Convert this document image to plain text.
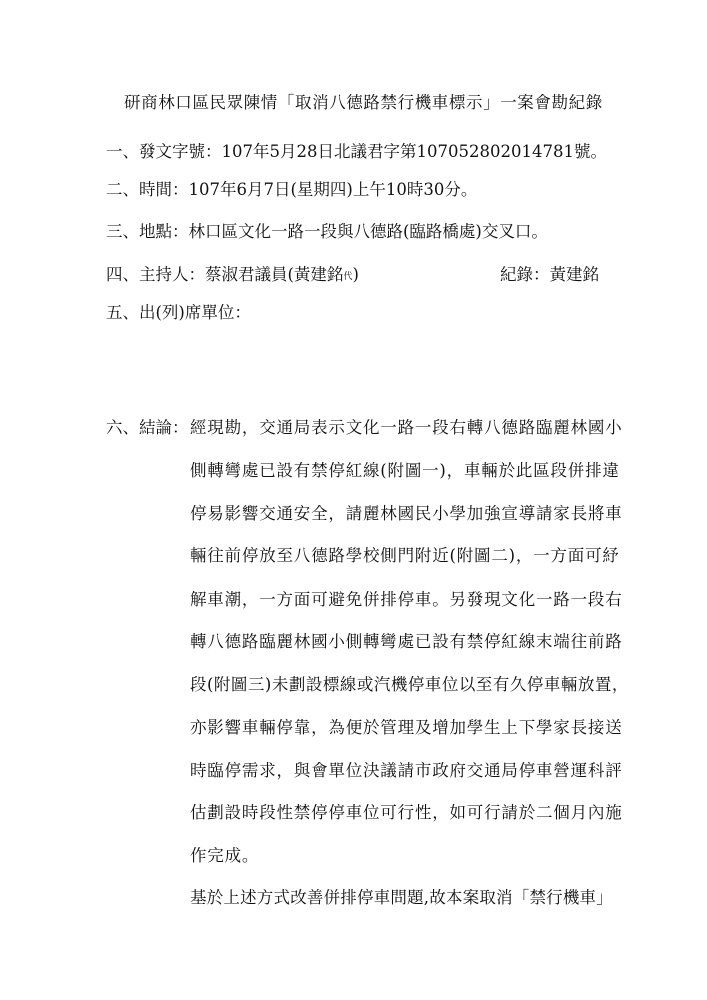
研商林口區民眾陳情「取消八德路禁行機車標示」一案會勘紀錄
一、發文字號：107年5月28日北議君字第107052802014781號。
二、時間：107年6月7日(星期四)上午10時30分。
三、地點：林口區文化一路一段與八德路(臨路橋處)交叉口。
四、主持人：蔡淑君議員(黃建銘代)	紀錄：黃建銘
五、出(列)席單位：
六、結論： 經現勘，交通局表示文化一路一段右轉八德路臨麗林國小
側轉彎處已設有禁停紅線(附圖一)，車輛於此區段併排違
停易影響交通安全，請麗林國民小學加強宣導請家長將車
輛往前停放至八德路學校側門附近(附圖二)，一方面可紓
解車潮，一方面可避免併排停車。另發現文化一路一段右
轉八德路臨麗林國小側轉彎處已設有禁停紅線末端往前路
段(附圖三)未劃設標線或汽機停車位以至有久停車輛放置，
亦影響車輛停靠，為便於管理及增加學生上下學家長接送
時臨停需求，與會單位決議請市政府交通局停車營運科評
估劃設時段性禁停停車位可行性，如可行請於二個月內施
作完成。
基於上述方式改善併排停車問題,故本案取消「禁行機車」
